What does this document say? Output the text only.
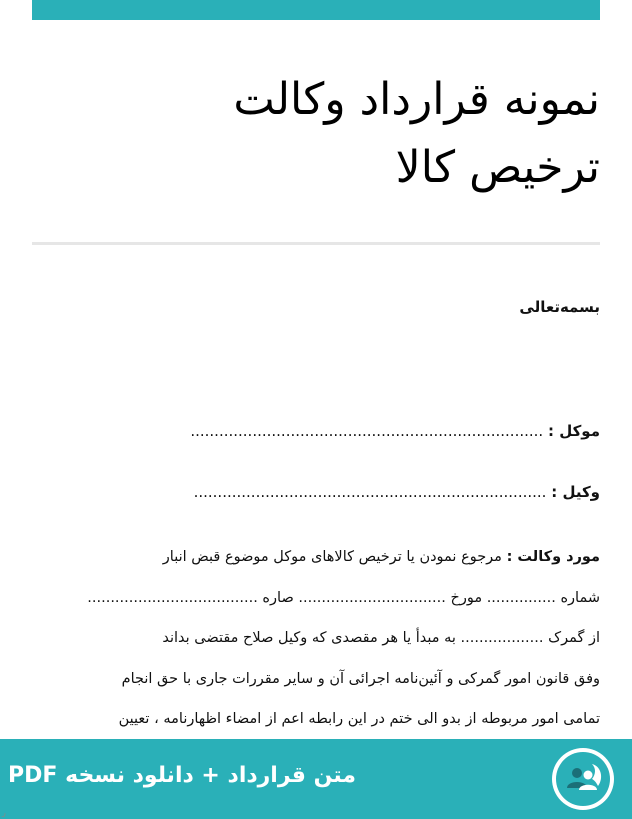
نمونه قرارداد وکالت
ترخیص کالا
بسمه‌تعالی
موکل : ..........................................................................
وکیل : ..........................................................................
مورد وکالت : مرجوع نمودن یا ترخیص کالاهای موکل موضوع قبض انبار
شماره ............... مورخ ................................ صاره .....................................
از گمرک .................. به مبدأ یا هر مقصدی که وکیل صلاح مقتضی بداند
وفق قانون امور گمرکی و آئین‌نامه اجرائی آن و سایر مقررات جاری با حق انجام
تمامی امور مربوطه از بدو الی ختم در این رابطه اعم از امضاء اظهارنامه ، تعیین
متن قرارداد + دانلود نسخه PDF
ر
